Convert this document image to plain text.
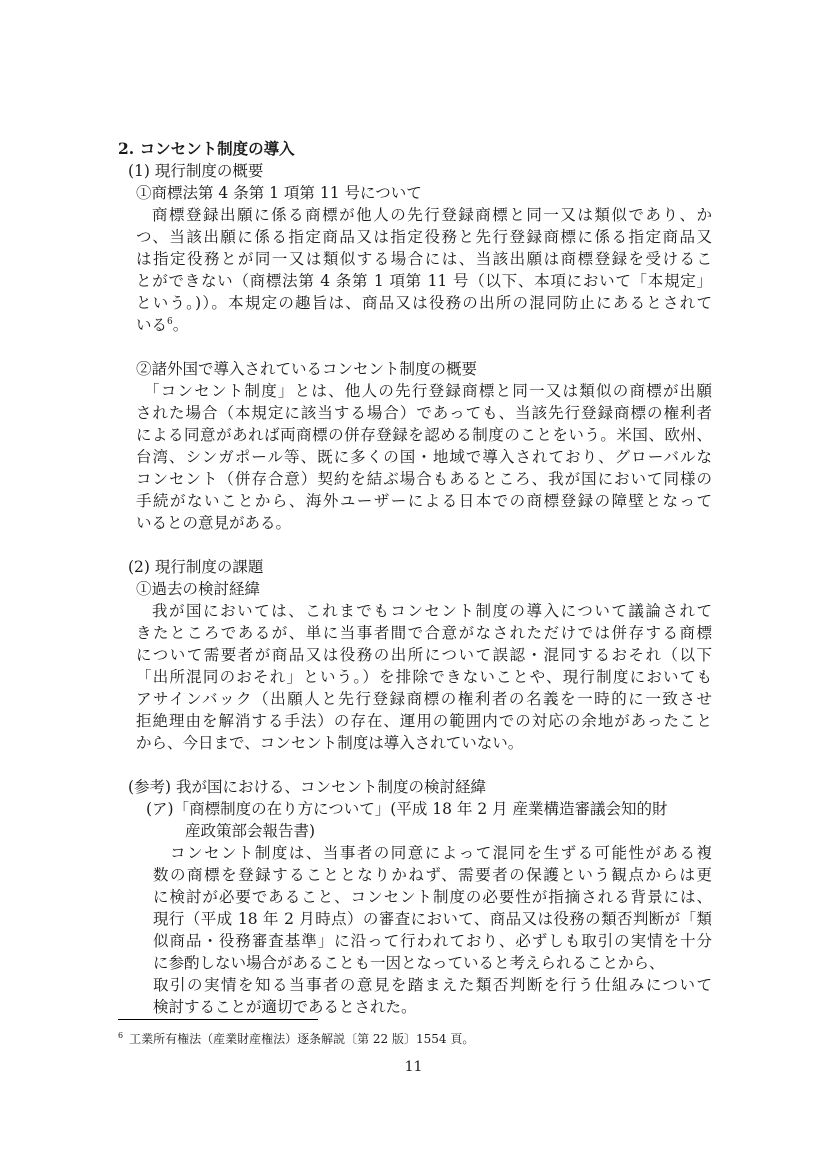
2. コンセント制度の導入
(1) 現行制度の概要
①商標法第 4 条第 1 項第 11 号について
商標登録出願に係る商標が他人の先行登録商標と同一又は類似であり、か
つ、当該出願に係る指定商品又は指定役務と先行登録商標に係る指定商品又
は指定役務とが同一又は類似する場合には、当該出願は商標登録を受けるこ
とができない（商標法第 4 条第 1 項第 11 号（以下、本項において「本規定」
という。)）。本規定の趣旨は、商品又は役務の出所の混同防止にあるとされて
いる$^6$。
②諸外国で導入されているコンセント制度の概要
「コンセント制度」とは、他人の先行登録商標と同一又は類似の商標が出願
された場合（本規定に該当する場合）であっても、当該先行登録商標の権利者
による同意があれば両商標の併存登録を認める制度のことをいう。米国、欧州、
台湾、シンガポール等、既に多くの国・地域で導入されており、グローバルな
コンセント（併存合意）契約を結ぶ場合もあるところ、我が国において同様の
手続がないことから、海外ユーザーによる日本での商標登録の障壁となって
いるとの意見がある。
(2) 現行制度の課題
①過去の検討経緯
我が国においては、これまでもコンセント制度の導入について議論されて
きたところであるが、単に当事者間で合意がなされただけでは併存する商標
について需要者が商品又は役務の出所について誤認・混同するおそれ（以下
「出所混同のおそれ」という。）を排除できないことや、現行制度においても
アサインバック（出願人と先行登録商標の権利者の名義を一時的に一致させ
拒絶理由を解消する手法）の存在、運用の範囲内での対応の余地があったこと
から、今日まで、コンセント制度は導入されていない。
(参考) 我が国における、コンセント制度の検討経緯
(ア)「商標制度の在り方について」(平成 18 年 2 月 産業構造審議会知的財
産政策部会報告書)
コンセント制度は、当事者の同意によって混同を生ずる可能性がある複
数の商標を登録することとなりかねず、需要者の保護という観点からは更
に検討が必要であること、コンセント制度の必要性が指摘される背景には、
現行（平成 18 年 2 月時点）の審査において、商品又は役務の類否判断が「類
似商品・役務審査基準」に沿って行われており、必ずしも取引の実情を十分
に参酌しない場合があることも一因となっていると考えられることから、
取引の実情を知る当事者の意見を踏まえた類否判断を行う仕組みについて
検討することが適切であるとされた。
$^6$ 工業所有権法（産業財産権法）逐条解説〔第 22 版〕1554 頁。
11
